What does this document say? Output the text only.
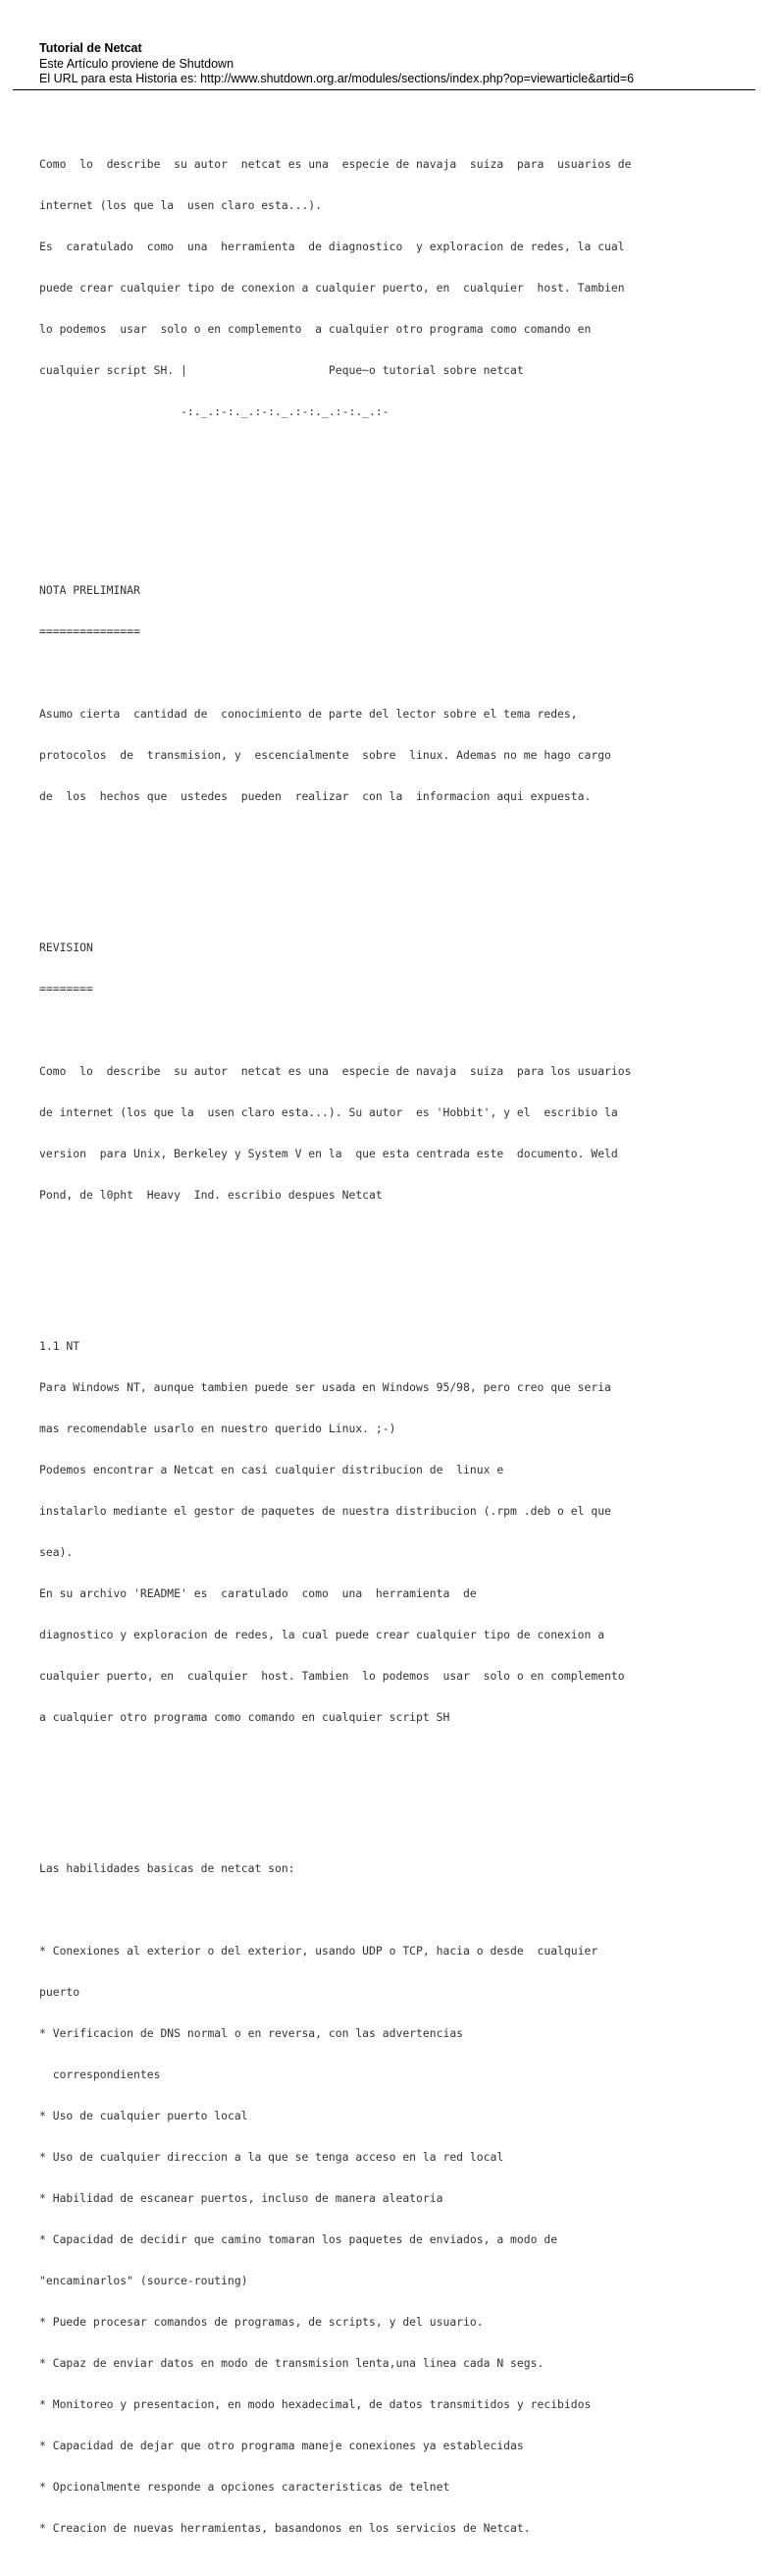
Tutorial de Netcat
Este Artículo proviene de Shutdown
El URL para esta Historia es: http://www.shutdown.org.ar/modules/sections/index.php?op=viewarticle&artid=6

Como  lo  describe  su autor  netcat es una  especie de navaja  suiza  para  usuarios de

internet (los que la  usen claro esta...).

Es  caratulado  como  una  herramienta  de diagnostico  y exploracion de redes, la cual

puede crear cualquier tipo de conexion a cualquier puerto, en  cualquier  host. Tambien

lo podemos  usar  solo o en complemento  a cualquier otro programa como comando en

cualquier script SH. |                     Peque~o tutorial sobre netcat

-:._.:-:._.:-:._.:-:._.:-:._.:-

NOTA PRELIMINAR

===============

Asumo cierta  cantidad de  conocimiento de parte del lector sobre el tema redes,

protocolos  de  transmision, y  escencialmente  sobre  linux. Ademas no me hago cargo

de  los  hechos que  ustedes  pueden  realizar  con la  informacion aqui expuesta.

REVISION

========

Como  lo  describe  su autor  netcat es una  especie de navaja  suiza  para los usuarios

de internet (los que la  usen claro esta...). Su autor  es 'Hobbit', y el  escribio la

version  para Unix, Berkeley y System V en la  que esta centrada este  documento. Weld

Pond, de l0pht  Heavy  Ind. escribio despues Netcat

1.1 NT

Para Windows NT, aunque tambien puede ser usada en Windows 95/98, pero creo que seria

mas recomendable usarlo en nuestro querido Linux. ;-)

Podemos encontrar a Netcat en casi cualquier distribucion de  linux e

instalarlo mediante el gestor de paquetes de nuestra distribucion (.rpm .deb o el que

sea).

En su archivo 'README' es  caratulado  como  una  herramienta  de

diagnostico y exploracion de redes, la cual puede crear cualquier tipo de conexion a

cualquier puerto, en  cualquier  host. Tambien  lo podemos  usar  solo o en complemento

a cualquier otro programa como comando en cualquier script SH

Las habilidades basicas de netcat son:

* Conexiones al exterior o del exterior, usando UDP o TCP, hacia o desde  cualquier

puerto

* Verificacion de DNS normal o en reversa, con las advertencias

correspondientes

* Uso de cualquier puerto local

* Uso de cualquier direccion a la que se tenga acceso en la red local

* Habilidad de escanear puertos, incluso de manera aleatoria

* Capacidad de decidir que camino tomaran los paquetes de enviados, a modo de

"encaminarlos" (source-routing)

* Puede procesar comandos de programas, de scripts, y del usuario.

* Capaz de enviar datos en modo de transmision lenta,una linea cada N segs.

* Monitoreo y presentacion, en modo hexadecimal, de datos transmitidos y recibidos

* Capacidad de dejar que otro programa maneje conexiones ya establecidas

* Opcionalmente responde a opciones caracteristicas de telnet

* Creacion de nuevas herramientas, basandonos en los servicios de Netcat.
